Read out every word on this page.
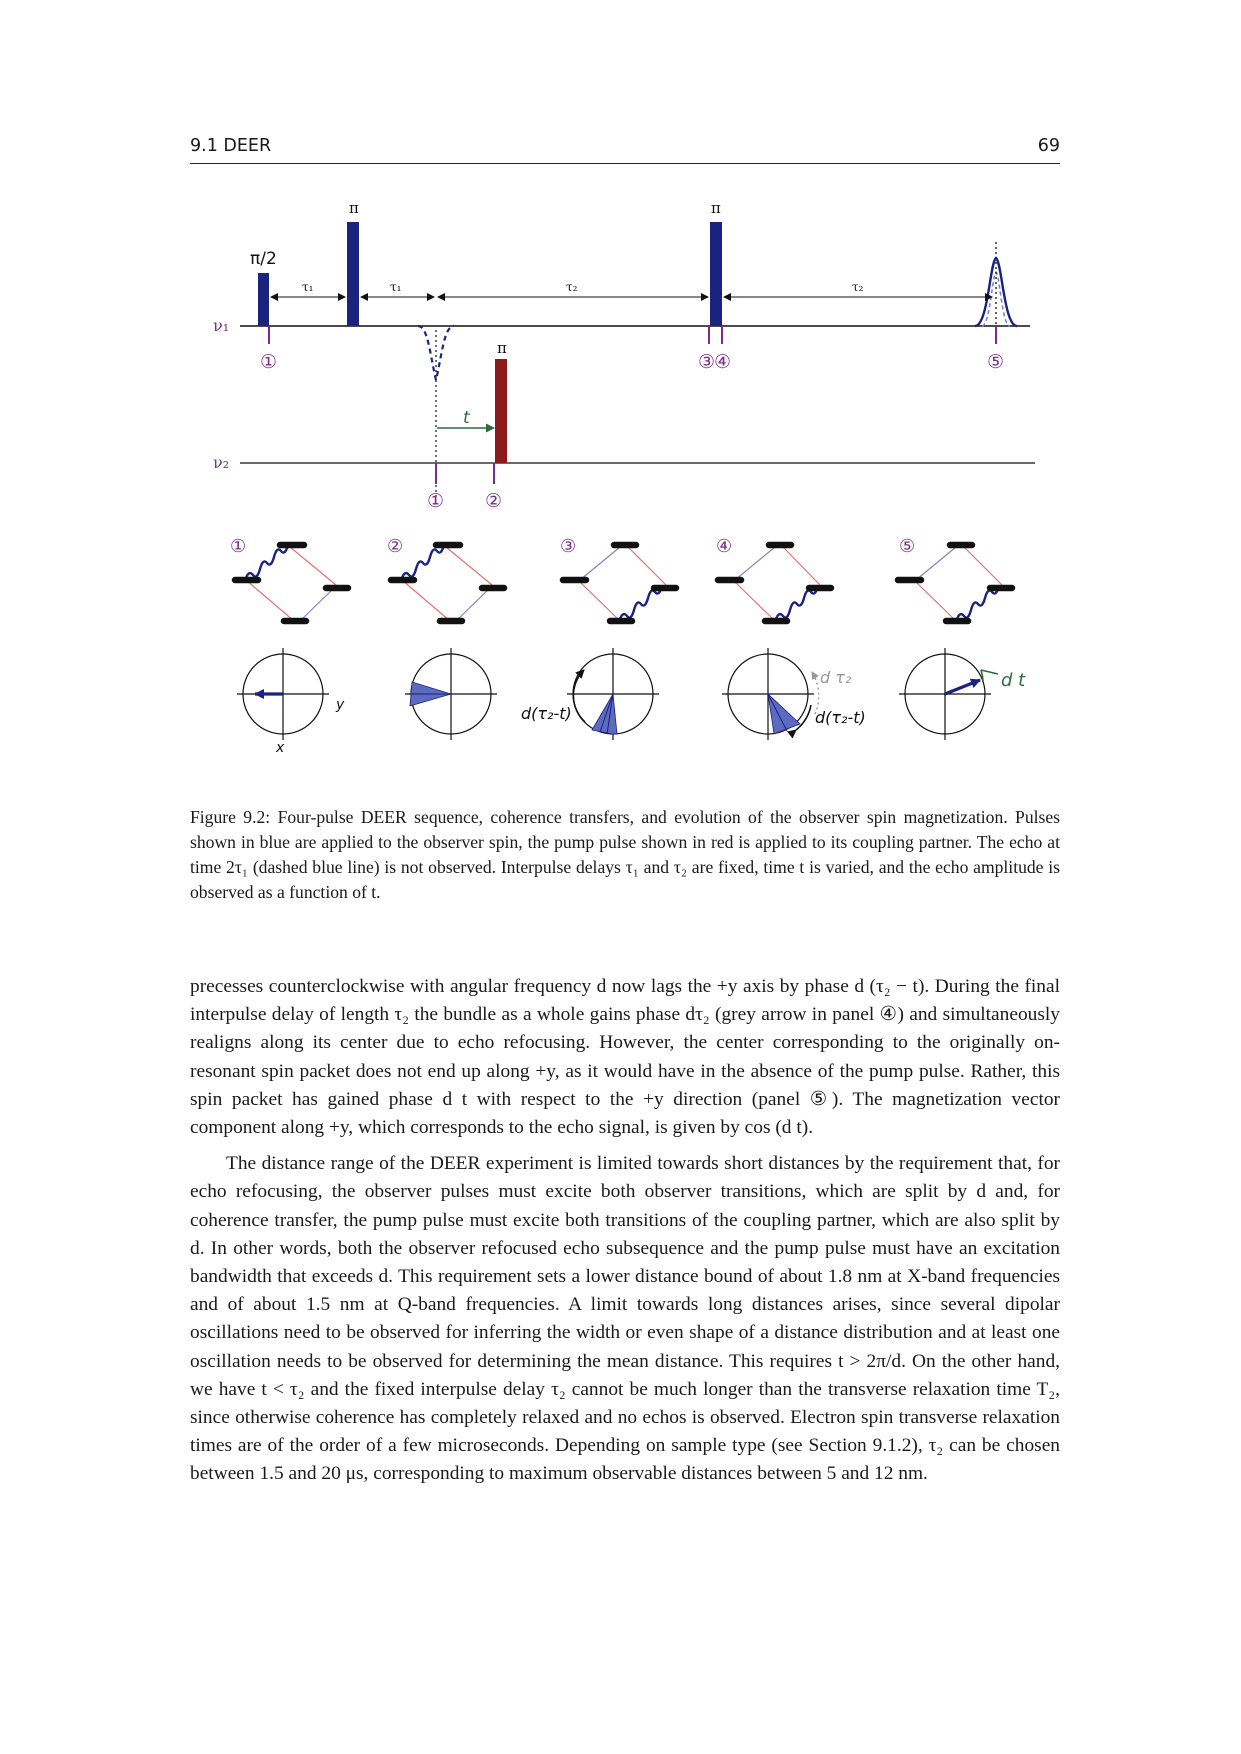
9.1 DEER	69
ν₁
π/2
π	π
τ₁	τ₁	τ₂	τ₂
①	③
④	⑤
ν₂
π
t
① ②
①	②	③	④	⑤
y
x
d(τ₂-t)
d τ₂
d(τ₂-t)
d t
Figure 9.2: Four-pulse DEER sequence, coherence transfers, and evolution of the observer spin magnetization. Pulses shown in blue are applied to the observer spin, the pump pulse shown in red is applied to its coupling partner. The echo at time 2τ₁ (dashed blue line) is not observed. Interpulse delays τ₁ and τ₂ are fixed, time t is varied, and the echo amplitude is observed as a function of t.

precesses counterclockwise with angular frequency d now lags the +y axis by phase d (τ₂ − t). During the final interpulse delay of length τ₂ the bundle as a whole gains phase dτ₂ (grey arrow in panel ④) and simultaneously realigns along its center due to echo refocusing. However, the center corresponding to the originally on-resonant spin packet does not end up along +y, as it would have in the absence of the pump pulse. Rather, this spin packet has gained phase d t with respect to the +y direction (panel ⑤). The magnetization vector component along +y, which corresponds to the echo signal, is given by cos (d t).

The distance range of the DEER experiment is limited towards short distances by the requirement that, for echo refocusing, the observer pulses must excite both observer transitions, which are split by d and, for coherence transfer, the pump pulse must excite both transitions of the coupling partner, which are also split by d. In other words, both the observer refocused echo subsequence and the pump pulse must have an excitation bandwidth that exceeds d. This requirement sets a lower distance bound of about 1.8 nm at X-band frequencies and of about 1.5 nm at Q-band frequencies. A limit towards long distances arises, since several dipolar oscillations need to be observed for inferring the width or even shape of a distance distribution and at least one oscillation needs to be observed for determining the mean distance. This requires t > 2π/d. On the other hand, we have t < τ₂ and the fixed interpulse delay τ₂ cannot be much longer than the transverse relaxation time T₂, since otherwise coherence has completely relaxed and no echos is observed. Electron spin transverse relaxation times are of the order of a few microseconds. Depending on sample type (see Section 9.1.2), τ₂ can be chosen between 1.5 and 20 μs, corresponding to maximum observable distances between 5 and 12 nm.
